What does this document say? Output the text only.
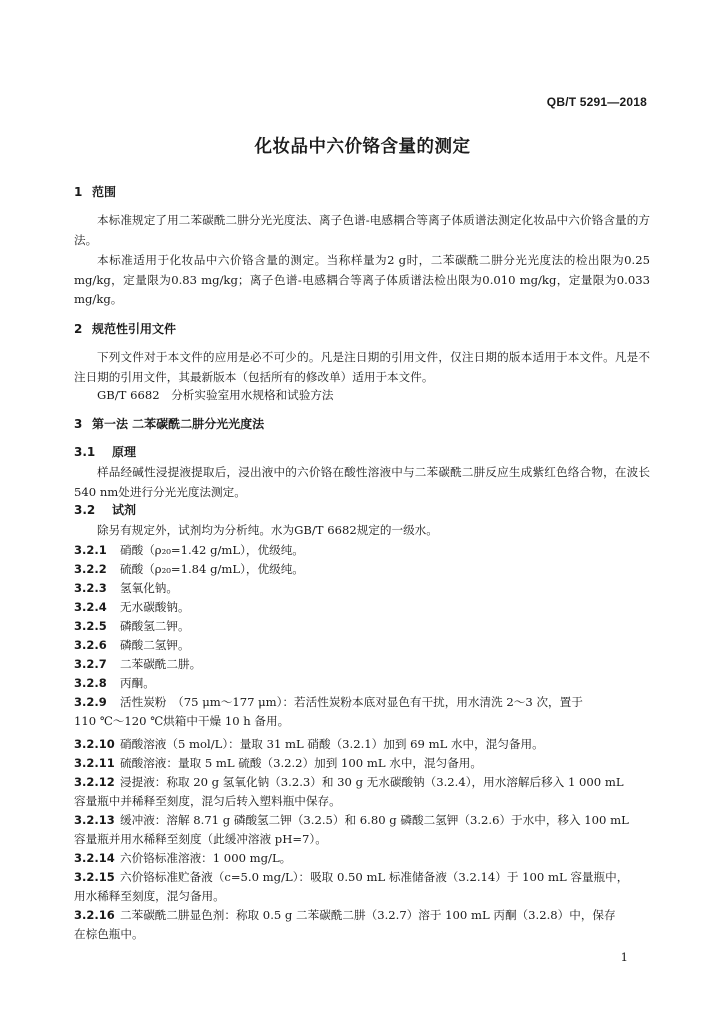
QB/T 5291—2018
化妆品中六价铬含量的测定
1 范围
本标准规定了用二苯碳酰二肼分光光度法、离子色谱-电感耦合等离子体质谱法测定化妆品中六价铬含量的方法。
本标准适用于化妆品中六价铬含量的测定。当称样量为2 g时，二苯碳酰二肼分光光度法的检出限为0.25 mg/kg，定量限为0.83 mg/kg；离子色谱-电感耦合等离子体质谱法检出限为0.010 mg/kg，定量限为0.033 mg/kg。
2 规范性引用文件
下列文件对于本文件的应用是必不可少的。凡是注日期的引用文件，仅注日期的版本适用于本文件。凡是不注日期的引用文件，其最新版本（包括所有的修改单）适用于本文件。
GB/T 6682　分析实验室用水规格和试验方法
3 第一法 二苯碳酰二肼分光光度法
3.1 原理
样品经碱性浸提液提取后，浸出液中的六价铬在酸性溶液中与二苯碳酰二肼反应生成紫红色络合物，在波长540 nm处进行分光光度法测定。
3.2 试剂
除另有规定外，试剂均为分析纯。水为GB/T 6682规定的一级水。
3.2.1 硝酸（ρ₂₀=1.42 g/mL），优级纯。
3.2.2 硫酸（ρ₂₀=1.84 g/mL），优级纯。
3.2.3 氢氧化钠。
3.2.4 无水碳酸钠。
3.2.5 磷酸氢二钾。
3.2.6 磷酸二氢钾。
3.2.7 二苯碳酰二肼。
3.2.8 丙酮。
3.2.9 活性炭粉　（75 μm～177 μm）：若活性炭粉本底对显色有干扰，用水清洗 2～3 次，置于
110 ℃～120 ℃烘箱中干燥 10 h 备用。
3.2.10 硝酸溶液（5 mol/L）：量取 31 mL 硝酸（3.2.1）加到 69 mL 水中，混匀备用。
3.2.11 硫酸溶液：量取 5 mL 硫酸（3.2.2）加到 100 mL 水中，混匀备用。
3.2.12 浸提液：称取 20 g 氢氧化钠（3.2.3）和 30 g 无水碳酸钠（3.2.4），用水溶解后移入 1 000 mL
容量瓶中并稀释至刻度，混匀后转入塑料瓶中保存。
3.2.13 缓冲液：溶解 8.71 g 磷酸氢二钾（3.2.5）和 6.80 g 磷酸二氢钾（3.2.6）于水中，移入 100 mL
容量瓶并用水稀释至刻度（此缓冲溶液 pH=7）。
3.2.14 六价铬标准溶液：1 000 mg/L。
3.2.15 六价铬标准贮备液（c=5.0 mg/L）：吸取 0.50 mL 标准储备液（3.2.14）于 100 mL 容量瓶中，
用水稀释至刻度，混匀备用。
3.2.16 二苯碳酰二肼显色剂：称取 0.5 g 二苯碳酰二肼（3.2.7）溶于 100 mL 丙酮（3.2.8）中，保存
在棕色瓶中。
1
